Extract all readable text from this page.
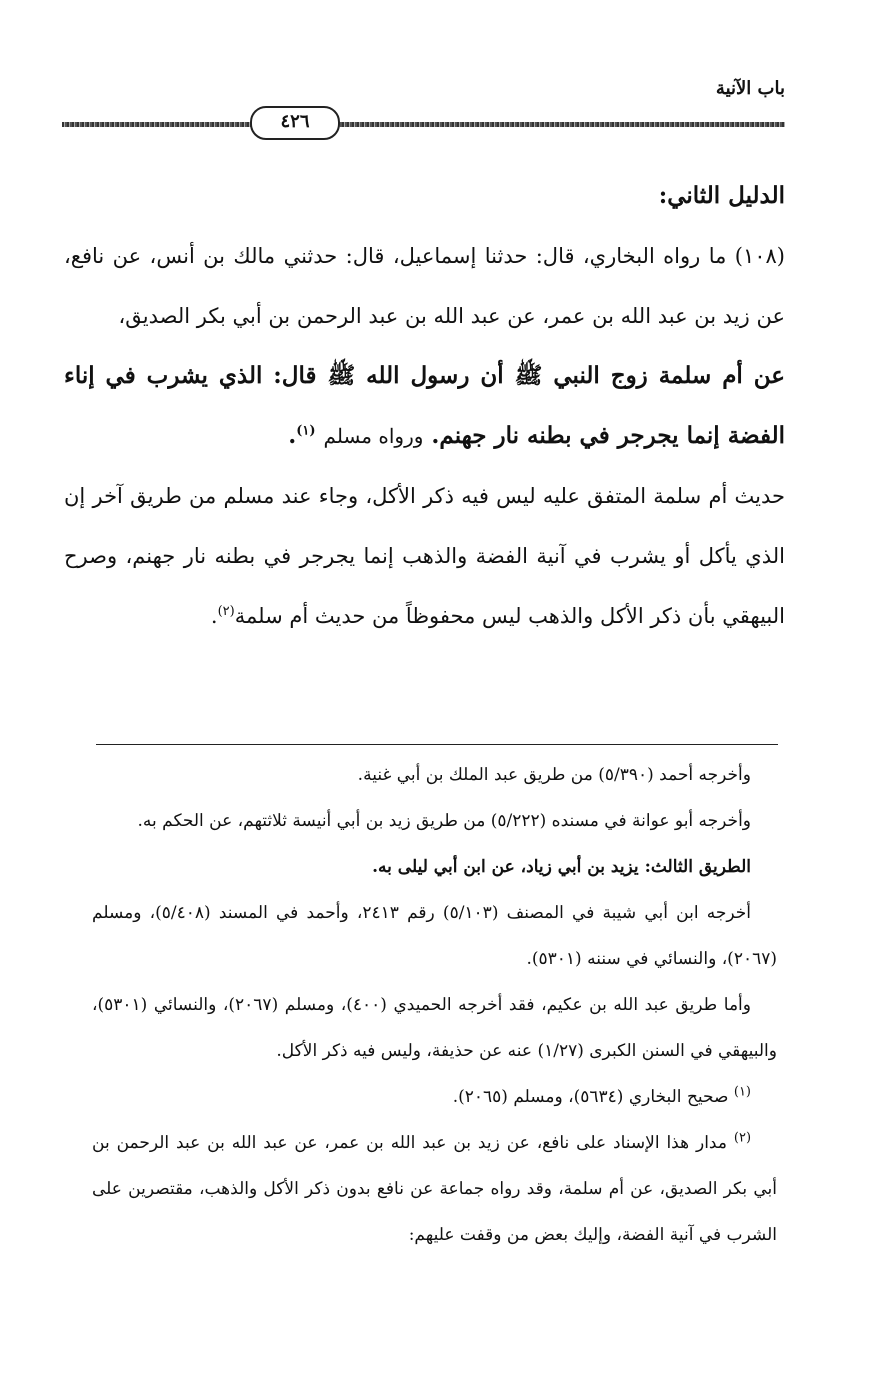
باب الآنية
٤٢٦

الدليل الثاني:

(١٠٨) ما رواه البخاري، قال: حدثنا إسماعيل، قال: حدثني مالك بن أنس، عن نافع، عن زيد بن عبد الله بن عمر، عن عبد الله بن عبد الرحمن بن أبي بكر الصديق،

عن أم سلمة زوج النبي ﷺ أن رسول الله ﷺ قال: الذي يشرب في إناء الفضة إنما يجرجر في بطنه نار جهنم. ورواه مسلم $^{(١)}$.

حديث أم سلمة المتفق عليه ليس فيه ذكر الأكل، وجاء عند مسلم من طريق آخر إن الذي يأكل أو يشرب في آنية الفضة والذهب إنما يجرجر في بطنه نار جهنم، وصرح البيهقي بأن ذكر الأكل والذهب ليس محفوظاً من حديث أم سلمة$^{(٢)}$.

وأخرجه أحمد (٥/٣٩٠) من طريق عبد الملك بن أبي غنية.

وأخرجه أبو عوانة في مسنده (٥/٢٢٢) من طريق زيد بن أبي أنيسة ثلاثتهم، عن الحكم به.

الطريق الثالث: يزيد بن أبي زياد، عن ابن أبي ليلى به.

أخرجه ابن أبي شيبة في المصنف (٥/١٠٣) رقم ٢٤١٣، وأحمد في المسند (٥/٤٠٨)، ومسلم (٢٠٦٧)، والنسائي في سننه (٥٣٠١).

وأما طريق عبد الله بن عكيم، فقد أخرجه الحميدي (٤٠٠)، ومسلم (٢٠٦٧)، والنسائي (٥٣٠١)، والبيهقي في السنن الكبرى (١/٢٧) عنه عن حذيفة، وليس فيه ذكر الأكل.

$^{(١)}$ صحيح البخاري (٥٦٣٤)، ومسلم (٢٠٦٥).

$^{(٢)}$ مدار هذا الإسناد على نافع، عن زيد بن عبد الله بن عمر، عن عبد الله بن عبد الرحمن بن أبي بكر الصديق، عن أم سلمة، وقد رواه جماعة عن نافع بدون ذكر الأكل والذهب، مقتصرين على الشرب في آنية الفضة، وإليك بعض من وقفت عليهم:
